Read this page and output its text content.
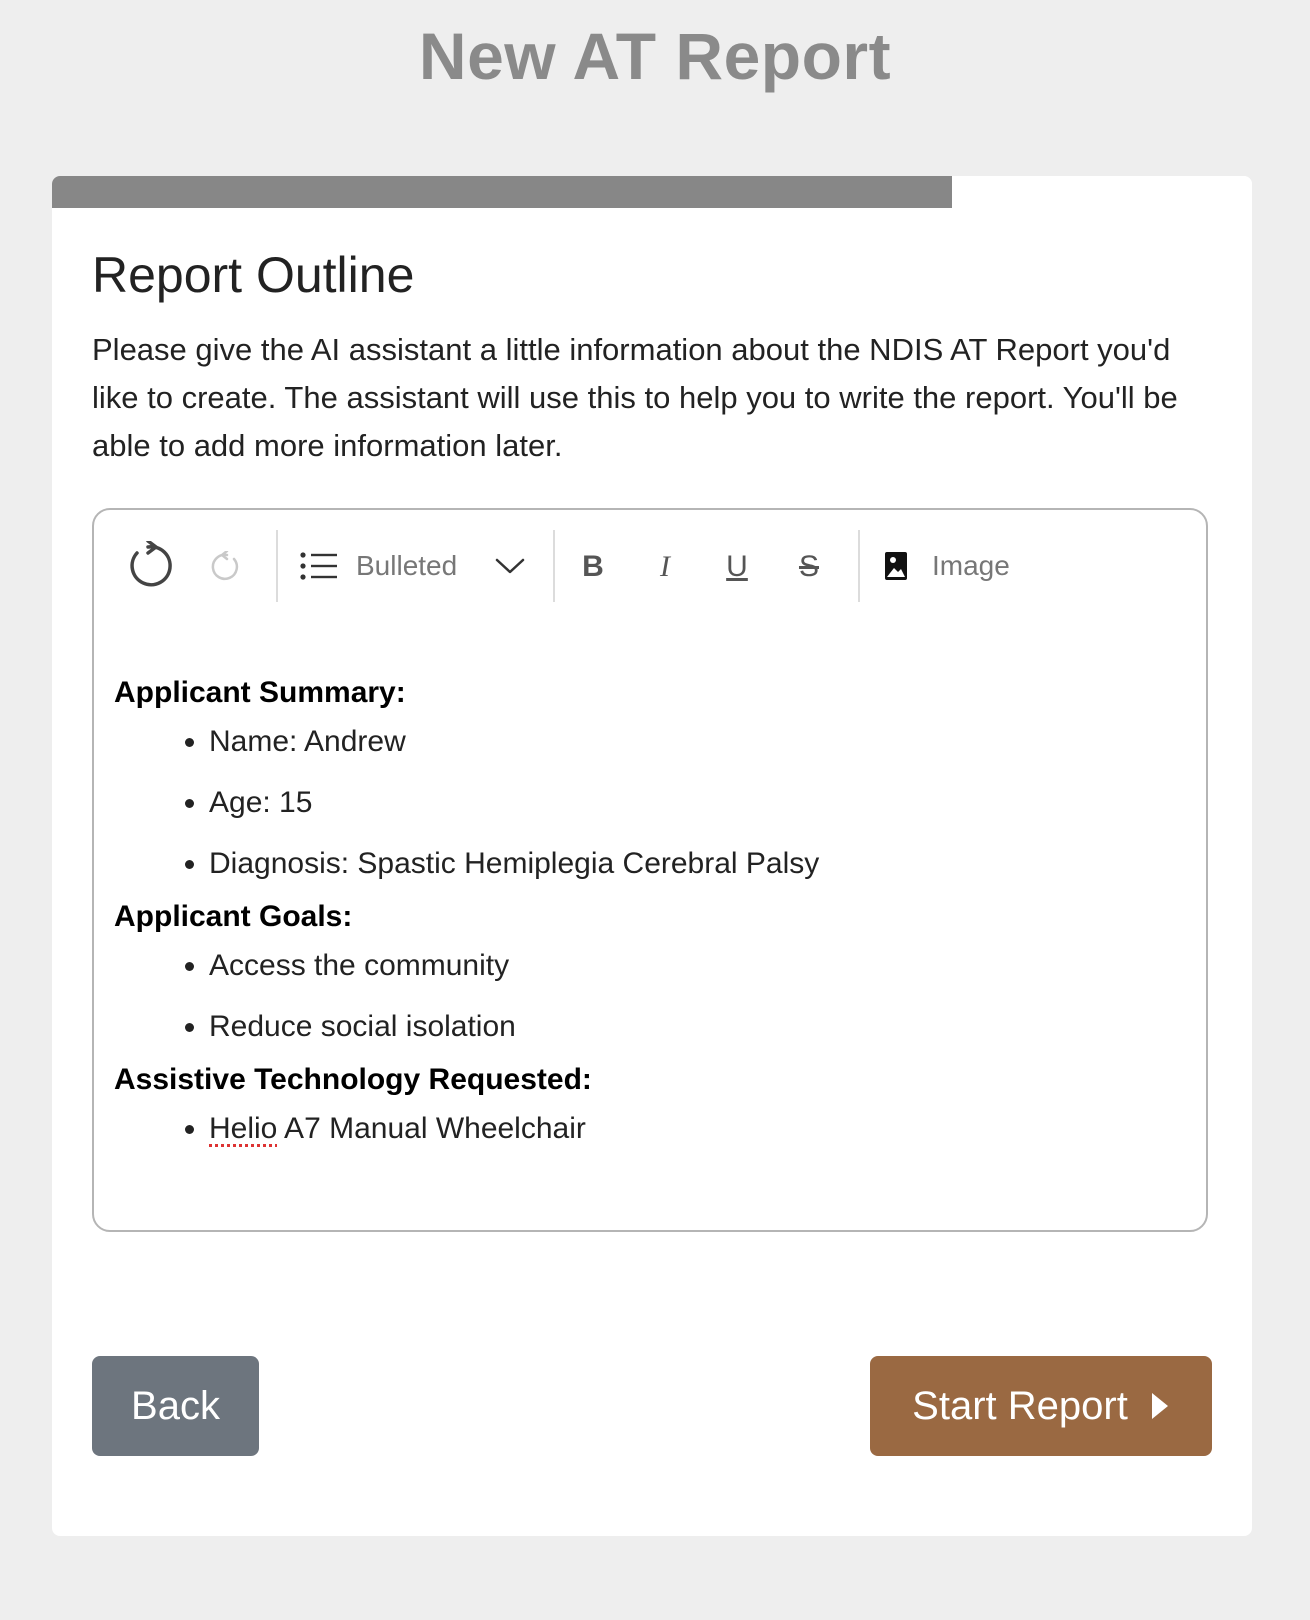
New AT Report
Report Outline
Please give the AI assistant a little information about the NDIS AT Report you'd like to create. The assistant will use this to help you to write the report. You'll be able to add more information later.
Bulleted	B	I	U	S	Image
Applicant Summary:
• Name: Andrew
• Age: 15
• Diagnosis: Spastic Hemiplegia Cerebral Palsy
Applicant Goals:
• Access the community
• Reduce social isolation
Assistive Technology Requested:
• Helio A7 Manual Wheelchair
Back	Start Report
